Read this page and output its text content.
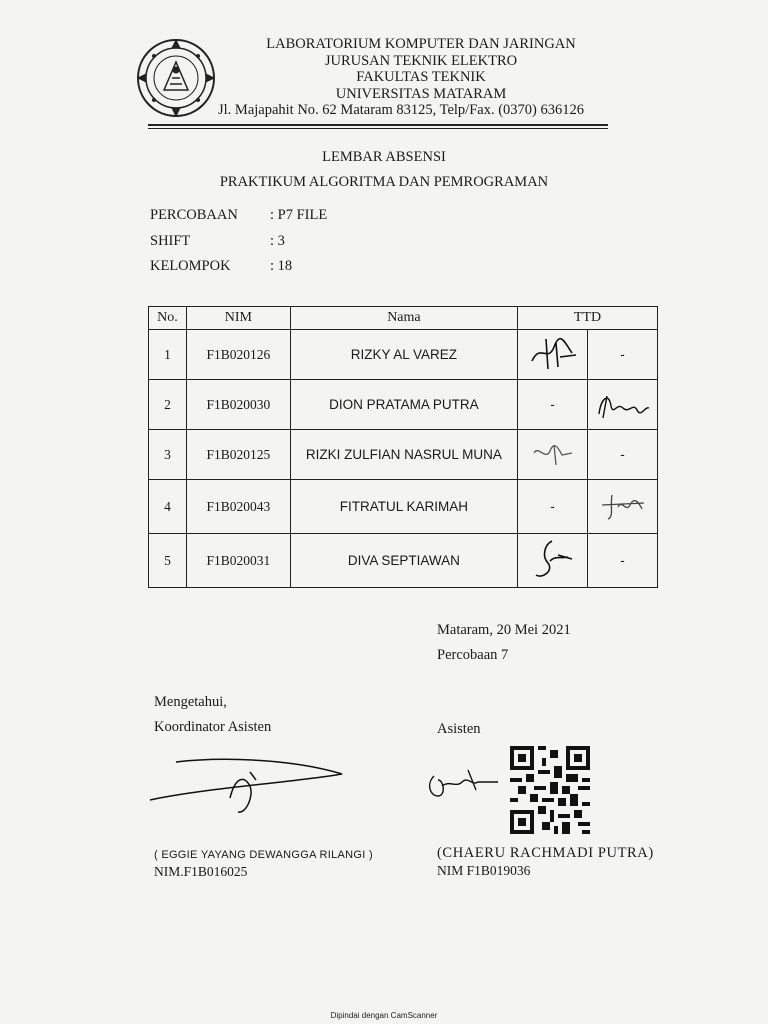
LABORATORIUM KOMPUTER DAN JARINGAN
JURUSAN TEKNIK ELEKTRO
FAKULTAS TEKNIK
UNIVERSITAS MATARAM
Jl. Majapahit No. 62 Mataram 83125, Telp/Fax. (0370) 636126
LEMBAR ABSENSI
PRAKTIKUM ALGORITMA DAN PEMROGRAMAN
PERCOBAAN : P7 FILE
SHIFT	: 3
KELOMPOK	: 18
No.	NIM	Nama	TTD	
1	F1B020126	RIZKY AL VAREZ		-
2	F1B020030	DION PRATAMA PUTRA	-	
3	F1B020125	RIZKI ZULFIAN NASRUL MUNA		-
4	F1B020043	FITRATUL KARIMAH	-	
5	F1B020031	DIVA SEPTIAWAN		-
Mataram, 20 Mei 2021
Percobaan 7
Mengetahui,
Koordinator Asisten
( EGGIE YAYANG DEWANGGA RILANGI )
NIM.F1B016025
Asisten
(CHAERU RACHMADI PUTRA)
NIM F1B019036
Dipindai dengan CamScanner
